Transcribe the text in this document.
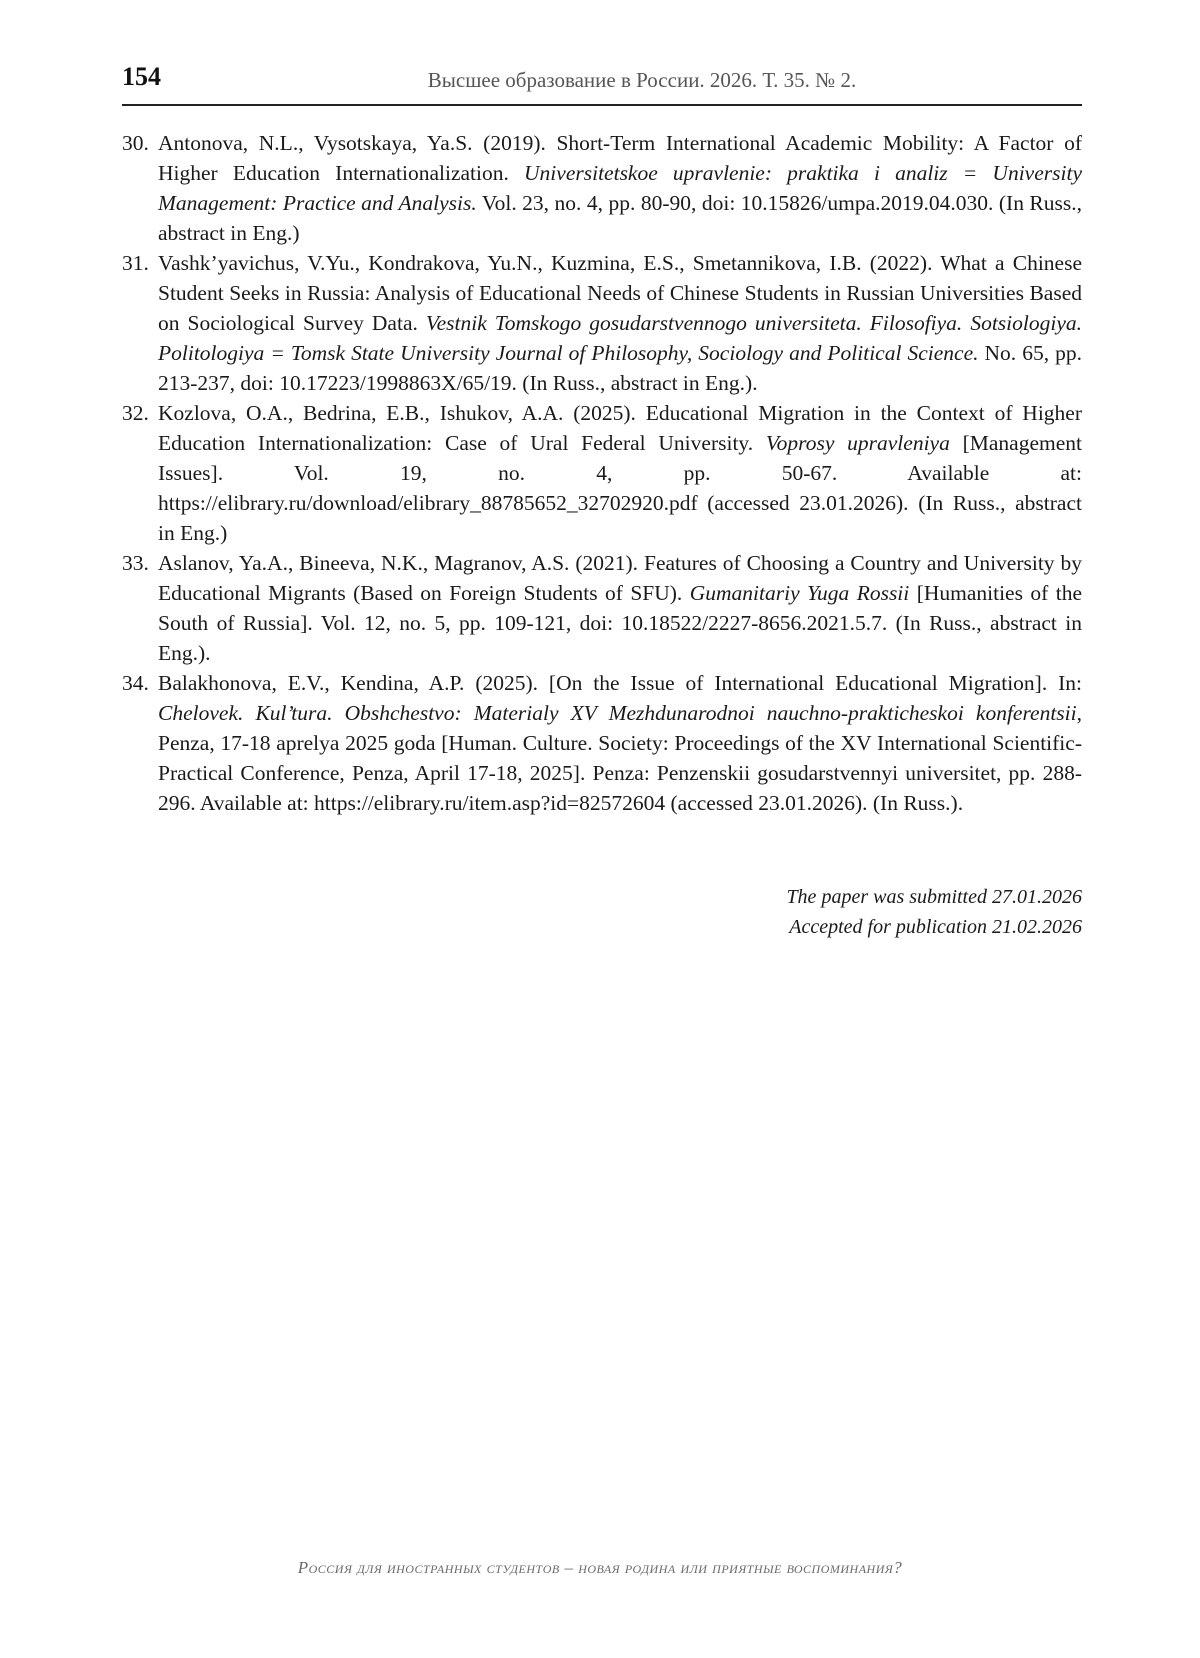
154	Высшее образование в России. 2026. Т. 35. № 2.
30. Antonova, N.L., Vysotskaya, Ya.S. (2019). Short-Term International Academic Mobility: A Factor of Higher Education Internationalization. Universitetskoe upravlenie: praktika i analiz = University Management: Practice and Analysis. Vol. 23, no. 4, pp. 80-90, doi: 10.15826/umpa.2019.04.030. (In Russ., abstract in Eng.)
31. Vashk’yavichus, V.Yu., Kondrakova, Yu.N., Kuzmina, E.S., Smetannikova, I.B. (2022). What a Chinese Student Seeks in Russia: Analysis of Educational Needs of Chinese Students in Russian Universities Based on Sociological Survey Data. Vestnik Tomskogo gosudarstvennogo universiteta. Filosofiya. Sotsiologiya. Politologiya = Tomsk State University Journal of Philosophy, Sociology and Political Science. No. 65, pp. 213-237, doi: 10.17223/1998863X/65/19. (In Russ., abstract in Eng.).
32. Kozlova, O.A., Bedrina, E.B., Ishukov, A.A. (2025). Educational Migration in the Context of Higher Education Internationalization: Case of Ural Federal University. Voprosy upravleniya [Management Issues]. Vol. 19, no. 4, pp. 50-67. Available at: https://elibrary.ru/download/elibrary_88785652_32702920.pdf (accessed 23.01.2026). (In Russ., abstract in Eng.)
33. Aslanov, Ya.A., Bineeva, N.K., Magranov, A.S. (2021). Features of Choosing a Country and University by Educational Migrants (Based on Foreign Students of SFU). Gumanitariy Yuga Rossii [Humanities of the South of Russia]. Vol. 12, no. 5, pp. 109-121, doi: 10.18522/2227-8656.2021.5.7. (In Russ., abstract in Eng.).
34. Balakhonova, E.V., Kendina, A.P. (2025). [On the Issue of International Educational Migration]. In: Chelovek. Kul’tura. Obshchestvo: Materialy XV Mezhdunarodnoi nauchno-prakticheskoi konferentsii, Penza, 17-18 aprelya 2025 goda [Human. Culture. Society: Proceedings of the XV International Scientific-Practical Conference, Penza, April 17-18, 2025]. Penza: Penzenskii gosudarstvennyi universitet, pp. 288-296. Available at: https://elibrary.ru/item.asp?id=82572604 (accessed 23.01.2026). (In Russ.).
The paper was submitted 27.01.2026
Accepted for publication 21.02.2026
Россия для иностранных студентов – новая родина или приятные воспоминания?
